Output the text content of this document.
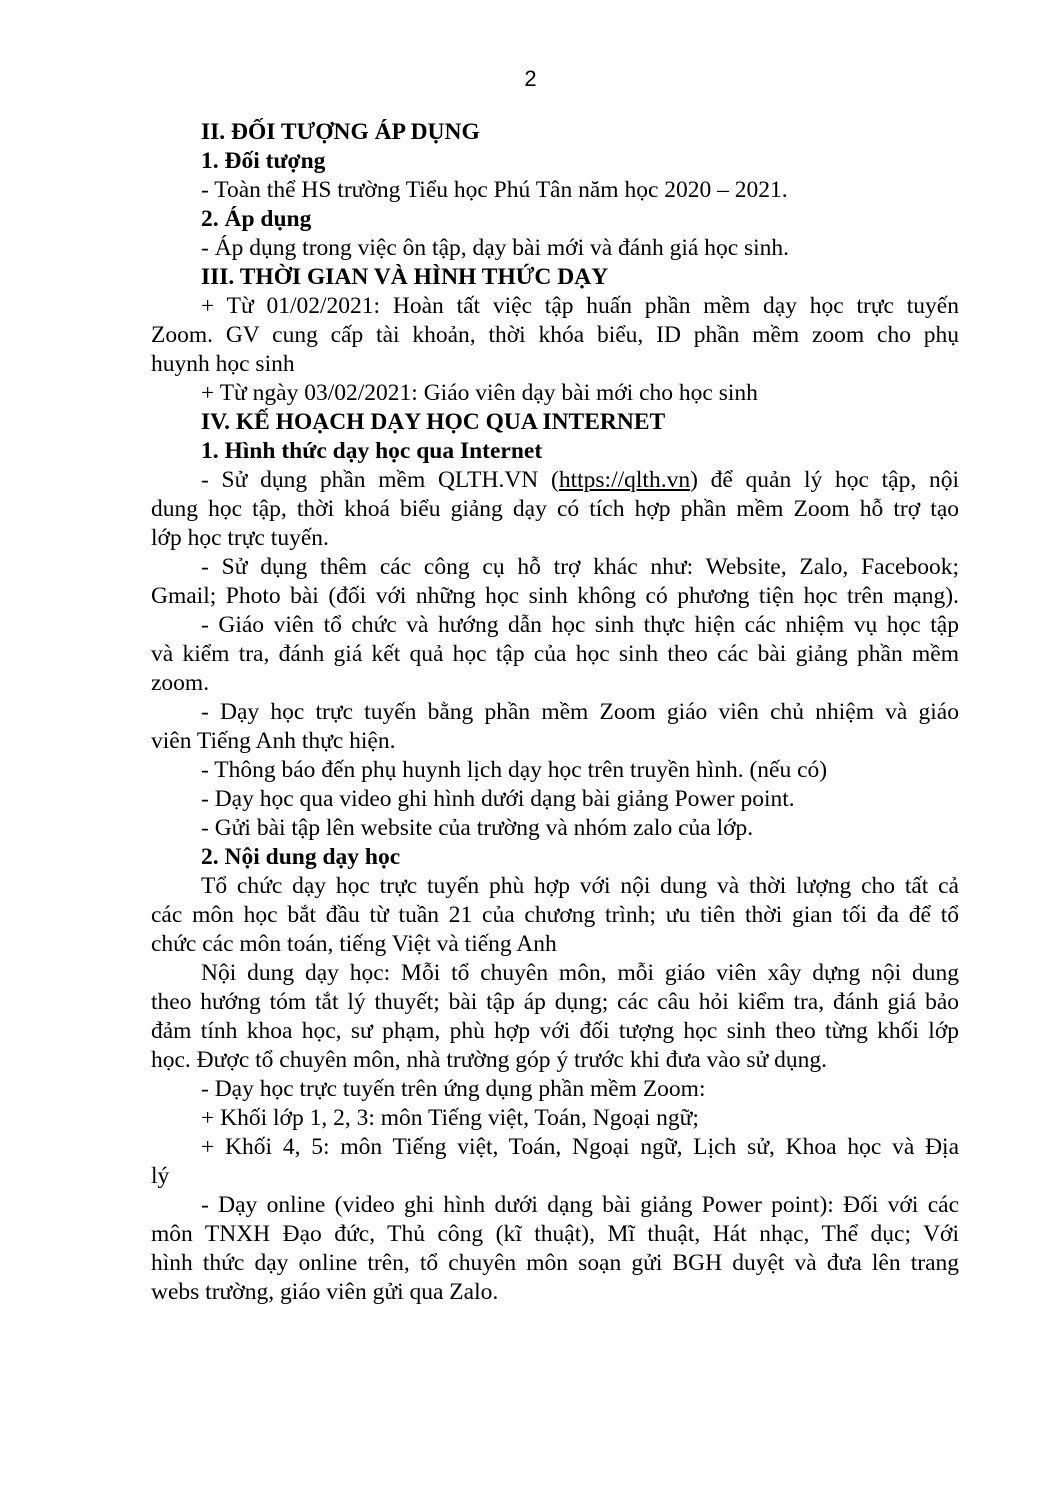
2

II. ĐỐI TƯỢNG ÁP DỤNG

1. Đối tượng

- Toàn thể HS trường Tiểu học Phú Tân năm học 2020 – 2021.

2. Áp dụng

- Áp dụng trong việc ôn tập, dạy bài mới và đánh giá học sinh.

III. THỜI GIAN VÀ HÌNH THỨC DẠY

+ Từ 01/02/2021: Hoàn tất việc tập huấn phần mềm dạy học trực tuyến

Zoom. GV cung cấp tài khoản, thời khóa biểu, ID phần mềm zoom cho phụ

huynh học sinh

+ Từ ngày 03/02/2021: Giáo viên dạy bài mới cho học sinh

IV. KẾ HOẠCH DẠY HỌC QUA INTERNET

1. Hình thức dạy học qua Internet

- Sử dụng phần mềm QLTH.VN (https://qlth.vn) để quản lý học tập, nội

dung học tập, thời khoá biểu giảng dạy có tích hợp phần mềm Zoom hỗ trợ tạo

lớp học trực tuyến.

- Sử dụng thêm các công cụ hỗ trợ khác như: Website, Zalo, Facebook;

Gmail; Photo bài (đối với những học sinh không có phương tiện học trên mạng).

- Giáo viên tổ chức và hướng dẫn học sinh thực hiện các nhiệm vụ học tập

và kiểm tra, đánh giá kết quả học tập của học sinh theo các bài giảng phần mềm

zoom.

- Dạy học trực tuyến bằng phần mềm Zoom giáo viên chủ nhiệm và giáo

viên Tiếng Anh thực hiện.

- Thông báo đến phụ huynh lịch dạy học trên truyền hình. (nếu có)

- Dạy học qua video ghi hình dưới dạng bài giảng Power point.

- Gửi bài tập lên website của trường và nhóm zalo của lớp.

2. Nội dung dạy học

Tổ chức dạy học trực tuyến phù hợp với nội dung và thời lượng cho tất cả

các môn học bắt đầu từ tuần 21 của chương trình; ưu tiên thời gian tối đa để tổ

chức các môn toán, tiếng Việt và tiếng Anh

Nội dung dạy học: Mỗi tổ chuyên môn, mỗi giáo viên xây dựng nội dung

theo hướng tóm tắt lý thuyết; bài tập áp dụng; các câu hỏi kiểm tra, đánh giá bảo

đảm tính khoa học, sư phạm, phù hợp với đối tượng học sinh theo từng khối lớp

học. Được tổ chuyên môn, nhà trường góp ý trước khi đưa vào sử dụng.

- Dạy học trực tuyến trên ứng dụng phần mềm Zoom:

+ Khối lớp 1, 2, 3: môn Tiếng việt, Toán, Ngoại ngữ;

+ Khối 4, 5: môn Tiếng việt, Toán, Ngoại ngữ, Lịch sử, Khoa học và Địa

lý

- Dạy online (video ghi hình dưới dạng bài giảng Power point): Đối với các

môn TNXH Đạo đức, Thủ công (kĩ thuật), Mĩ thuật, Hát nhạc, Thể dục; Với

hình thức dạy online trên, tổ chuyên môn soạn gửi BGH duyệt và đưa lên trang

webs trường, giáo viên gửi qua Zalo.
